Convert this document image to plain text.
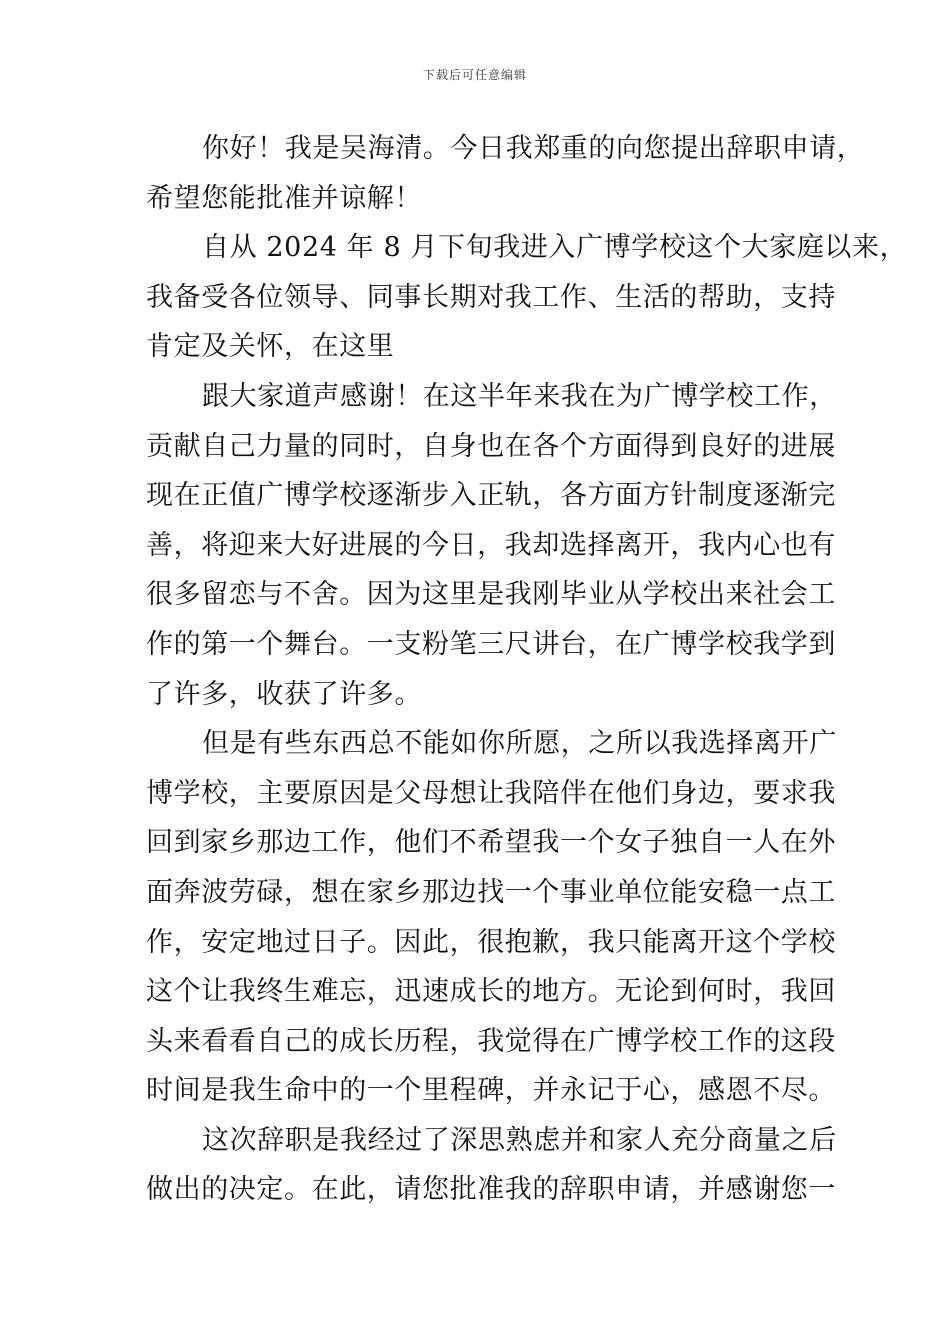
下载后可任意编辑
你好！我是吴海清。今日我郑重的向您提出辞职申请，
希望您能批准并谅解！
自从 2024 年 8 月下旬我进入广博学校这个大家庭以来，
我备受各位领导、同事长期对我工作、生活的帮助，支持
肯定及关怀，在这里
跟大家道声感谢！在这半年来我在为广博学校工作，
贡献自己力量的同时，自身也在各个方面得到良好的进展
现在正值广博学校逐渐步入正轨，各方面方针制度逐渐完
善，将迎来大好进展的今日，我却选择离开，我内心也有
很多留恋与不舍。因为这里是我刚毕业从学校出来社会工
作的第一个舞台。一支粉笔三尺讲台，在广博学校我学到
了许多，收获了许多。
但是有些东西总不能如你所愿，之所以我选择离开广
博学校，主要原因是父母想让我陪伴在他们身边，要求我
回到家乡那边工作，他们不希望我一个女子独自一人在外
面奔波劳碌，想在家乡那边找一个事业单位能安稳一点工
作，安定地过日子。因此，很抱歉，我只能离开这个学校
这个让我终生难忘，迅速成长的地方。无论到何时，我回
头来看看自己的成长历程，我觉得在广博学校工作的这段
时间是我生命中的一个里程碑，并永记于心，感恩不尽。
这次辞职是我经过了深思熟虑并和家人充分商量之后
做出的决定。在此，请您批准我的辞职申请，并感谢您一
